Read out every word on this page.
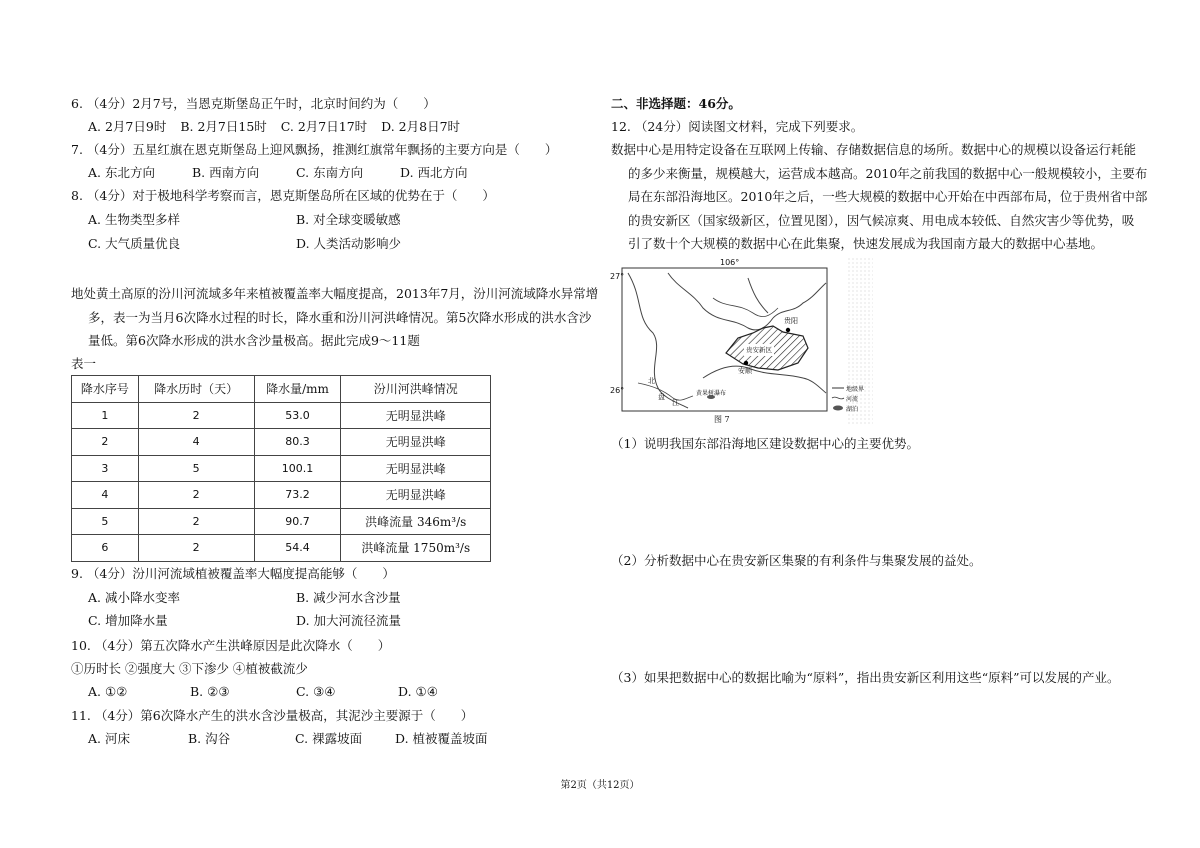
6. （4分）2月7号，当恩克斯堡岛正午时，北京时间约为（　　）
A. 2月7日9时 B. 2月7日15时 C. 2月7日17时 D. 2月8日7时
7. （4分）五星红旗在恩克斯堡岛上迎风飘扬，推测红旗常年飘扬的主要方向是（　　）
A. 东北方向	B. 西南方向	C. 东南方向	D. 西北方向
8. （4分）对于极地科学考察而言，恩克斯堡岛所在区域的优势在于（　　）
A. 生物类型多样	B. 对全球变暖敏感
C. 大气质量优良	D. 人类活动影响少
地处黄土高原的汾川河流域多年来植被覆盖率大幅度提高，2013年7月，汾川河流域降水异常增
多，表一为当月6次降水过程的时长，降水重和汾川河洪峰情况。第5次降水形成的洪水含沙
量低。第6次降水形成的洪水含沙量极高。据此完成9～11题
表一
降水序号	降水历时（天）	降水量/mm	汾川河洪峰情况
1	2	53.0	无明显洪峰
2	4	80.3	无明显洪峰
3	5	100.1	无明显洪峰
4	2	73.2	无明显洪峰
5	2	90.7	洪峰流量 346m³/s
6	2	54.4	洪峰流量 1750m³/s
9. （4分）汾川河流域植被覆盖率大幅度提高能够（　　）
A. 减小降水变率	B. 减少河水含沙量
C. 增加降水量	D. 加大河流径流量
10. （4分）第五次降水产生洪峰原因是此次降水（　　）
①历时长 ②强度大 ③下渗少 ④植被截流少
A. ①②	B. ②③	C. ③④	D. ①④
11. （4分）第6次降水产生的洪水含沙量极高，其泥沙主要源于（　　）
A. 河床	B. 沟谷	C. 裸露坡面	D. 植被覆盖坡面
二、非选择题：46分。
12. （24分）阅读图文材料，完成下列要求。
数据中心是用特定设备在互联网上传输、存储数据信息的场所。数据中心的规模以设备运行耗能
的多少来衡量，规模越大，运营成本越高。2010年之前我国的数据中心一般规模较小，主要布
局在东部沿海地区。2010年之后，一些大规模的数据中心开始在中西部布局，位于贵州省中部
的贵安新区（国家级新区，位置见图），因气候凉爽、用电成本较低、自然灾害少等优势，吸
引了数十个大规模的数据中心在此集聚，快速发展成为我国南方最大的数据中心基地。
106°
27°
26°
贵阳
安顺
贵安新区
北
盘
江
黄果树瀑布
地级界
河流
湖泊
图 7
（1）说明我国东部沿海地区建设数据中心的主要优势。
（2）分析数据中心在贵安新区集聚的有利条件与集聚发展的益处。
（3）如果把数据中心的数据比喻为“原料”，指出贵安新区利用这些“原料”可以发展的产业。
第2页（共12页）
